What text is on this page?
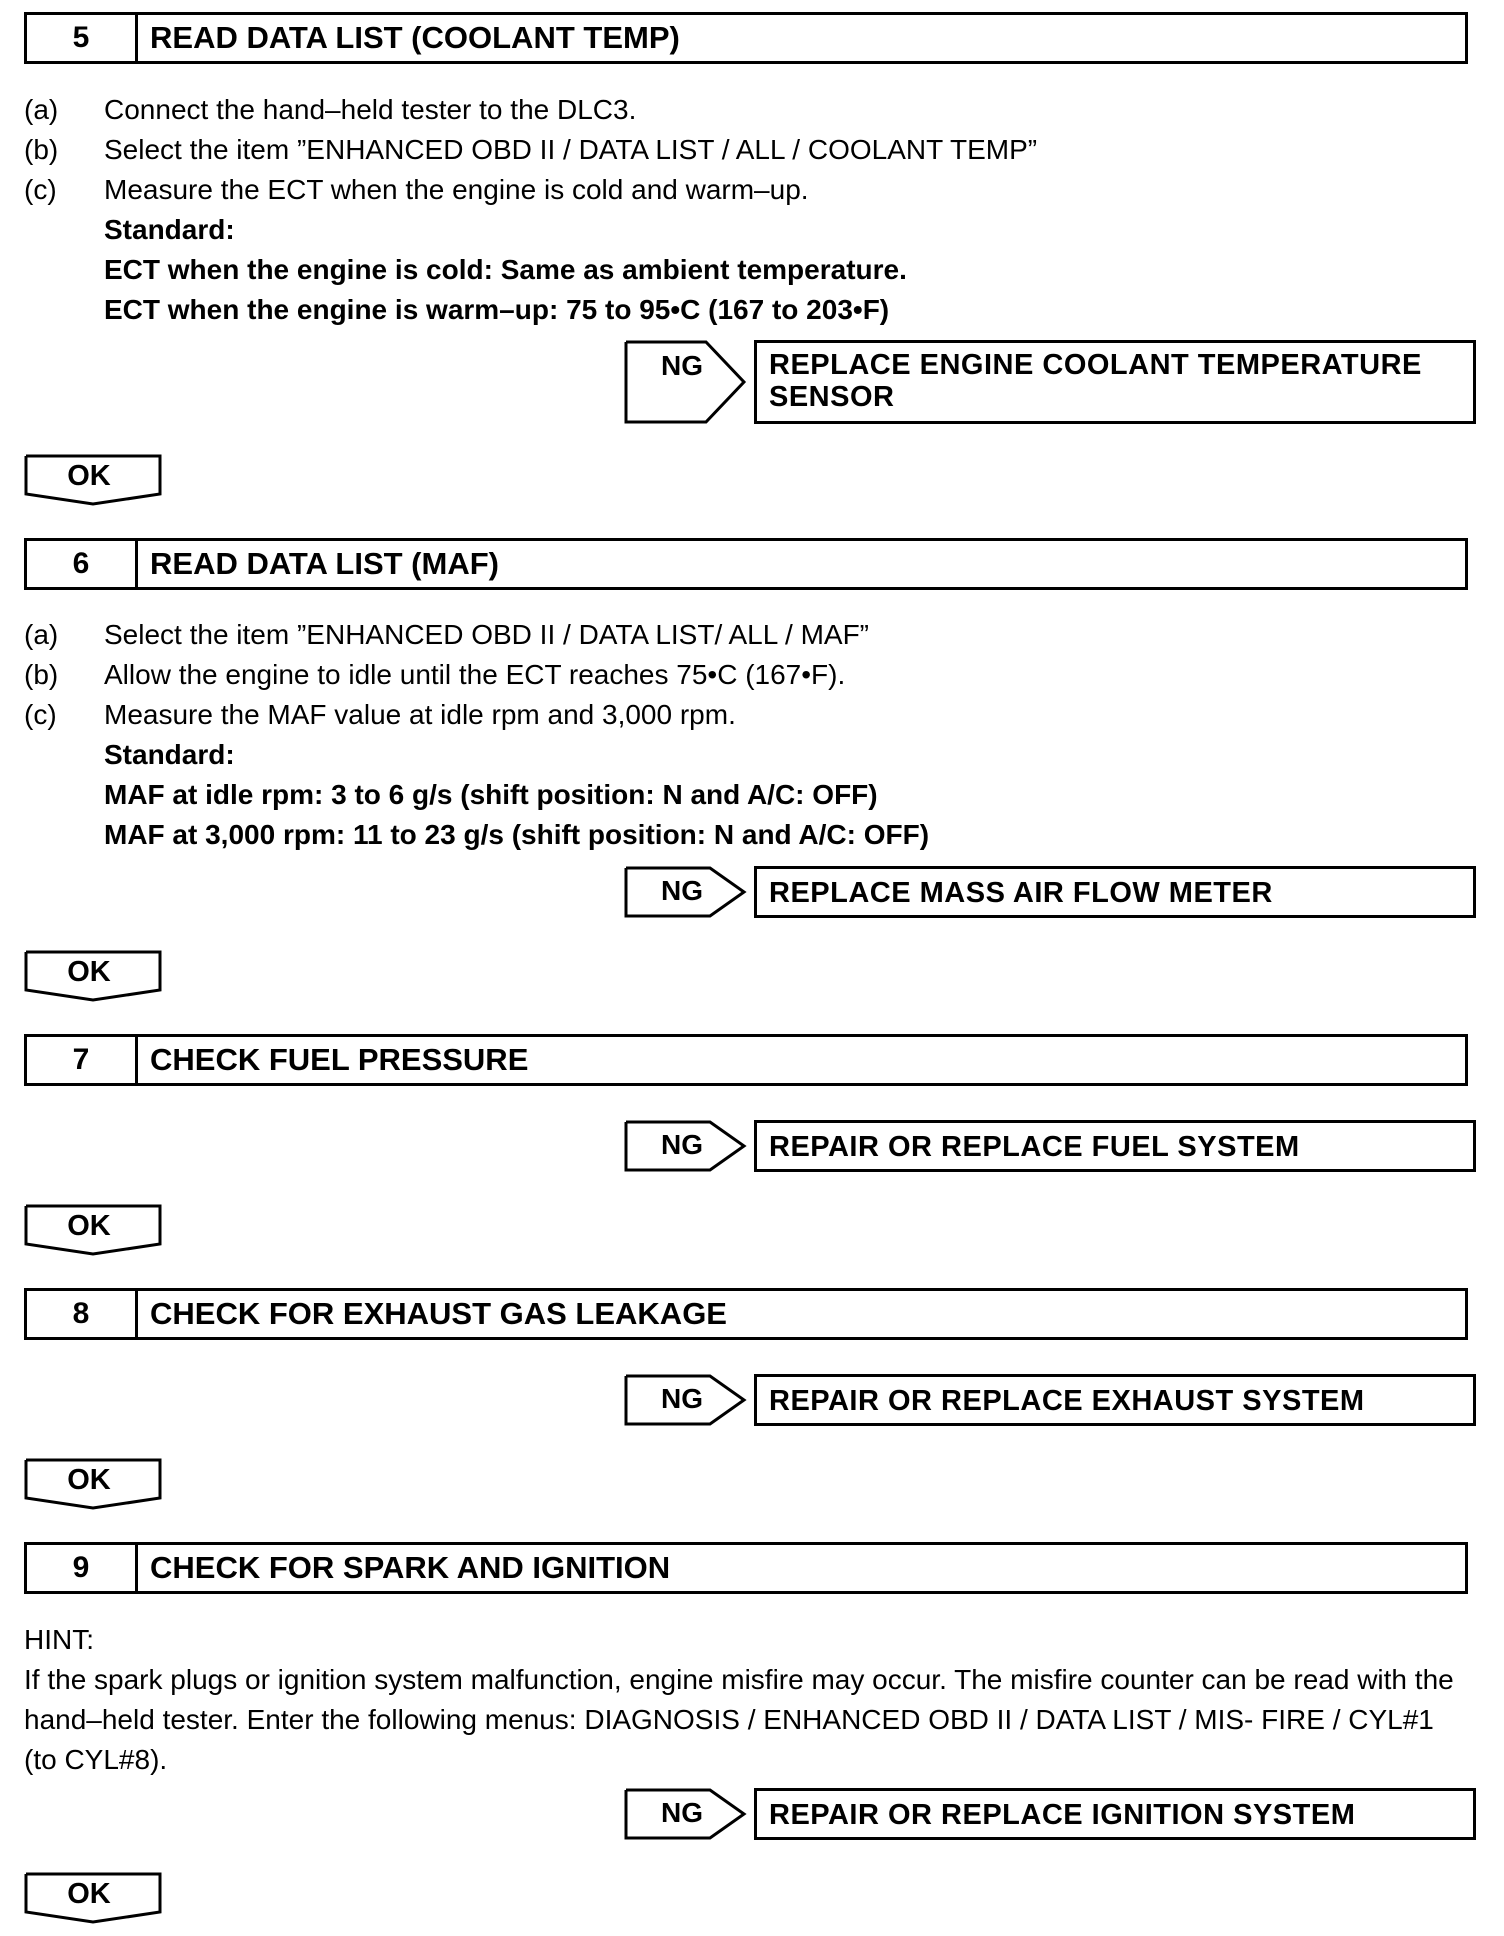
5	READ DATA LIST (COOLANT TEMP)
(a) Connect the hand–held tester to the DLC3.
(b) Select the item ”ENHANCED OBD II / DATA LIST / ALL / COOLANT TEMP”
(c) Measure the ECT when the engine is cold and warm–up.
Standard:
ECT when the engine is cold: Same as ambient temperature.
ECT when the engine is warm–up: 75 to 95•C (167 to 203•F)
NG REPLACE ENGINE COOLANT TEMPERATURE
SENSOR
OK
6	READ DATA LIST (MAF)
(a) Select the item ”ENHANCED OBD II / DATA LIST/ ALL / MAF”
(b) Allow the engine to idle until the ECT reaches 75•C (167•F).
(c) Measure the MAF value at idle rpm and 3,000 rpm.
Standard:
MAF at idle rpm: 3 to 6 g/s (shift position: N and A/C: OFF)
MAF at 3,000 rpm: 11 to 23 g/s (shift position: N and A/C: OFF)
NG	REPLACE MASS AIR FLOW METER
OK
7	CHECK FUEL PRESSURE
NG	REPAIR OR REPLACE FUEL SYSTEM
OK
8	CHECK FOR EXHAUST GAS LEAKAGE
NG	REPAIR OR REPLACE EXHAUST SYSTEM
OK
9	CHECK FOR SPARK AND IGNITION
HINT:
If the spark plugs or ignition system malfunction, engine misfire may occur. The misfire counter can be read with the hand–held tester. Enter the following menus: DIAGNOSIS / ENHANCED OBD II / DATA LIST / MIS- FIRE / CYL#1 (to CYL#8).
NG	REPAIR OR REPLACE IGNITION SYSTEM
OK
